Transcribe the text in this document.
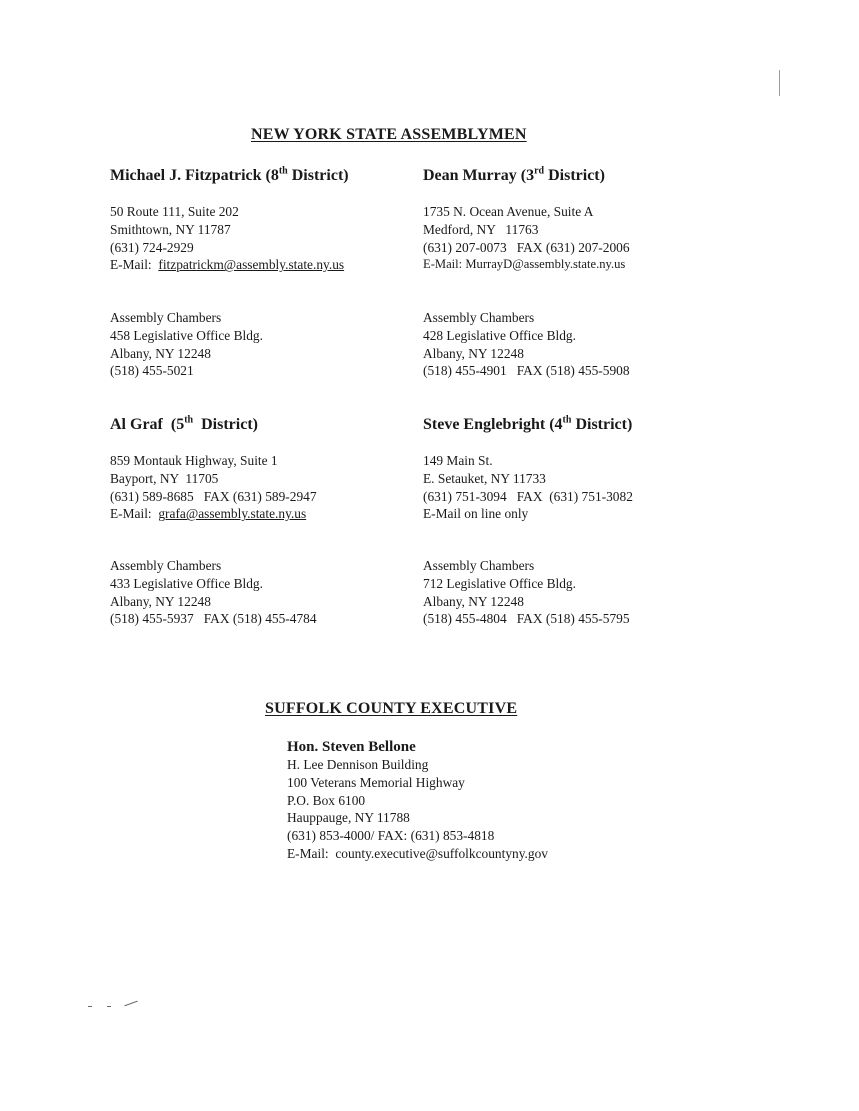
NEW YORK STATE ASSEMBLYMEN
Michael J. Fitzpatrick (8th District)
50 Route 111, Suite 202
Smithtown, NY 11787
(631) 724-2929
E-Mail:  fitzpatrickm@assembly.state.ny.us
Assembly Chambers
458 Legislative Office Bldg.
Albany, NY 12248
(518) 455-5021
Dean Murray (3rd District)
1735 N. Ocean Avenue, Suite A
Medford, NY   11763
(631) 207-0073   FAX (631) 207-2006
E-Mail: MurrayD@assembly.state.ny.us
Assembly Chambers
428 Legislative Office Bldg.
Albany, NY 12248
(518) 455-4901   FAX (518) 455-5908
Al Graf  (5th  District)
859 Montauk Highway, Suite 1
Bayport, NY  11705
(631) 589-8685   FAX (631) 589-2947
E-Mail:  grafa@assembly.state.ny.us
Assembly Chambers
433 Legislative Office Bldg.
Albany, NY 12248
(518) 455-5937   FAX (518) 455-4784
Steve Englebright (4th District)
149 Main St.
E. Setauket, NY 11733
(631) 751-3094   FAX  (631) 751-3082
E-Mail on line only
Assembly Chambers
712 Legislative Office Bldg.
Albany, NY 12248
(518) 455-4804   FAX (518) 455-5795
SUFFOLK COUNTY EXECUTIVE
Hon. Steven Bellone
H. Lee Dennison Building
100 Veterans Memorial Highway
P.O. Box 6100
Hauppauge, NY 11788
(631) 853-4000/ FAX: (631) 853-4818
E-Mail:  county.executive@suffolkcountyny.gov
